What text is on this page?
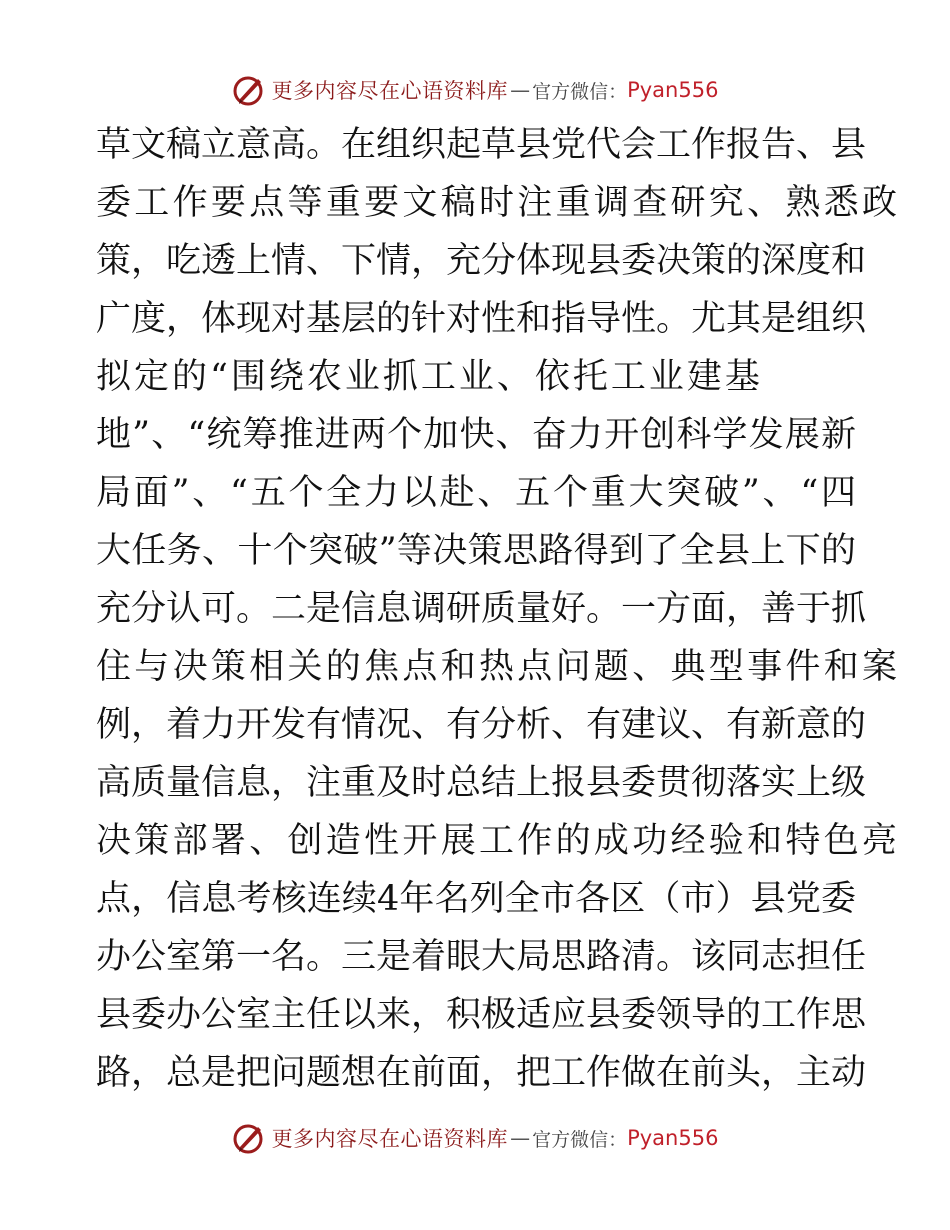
更多内容尽在心语资料库 — 官方微信： Pyan556
草文稿立意高。在组织起草县党代会工作报告、县
委工作要点等重要文稿时注重调查研究、熟悉政
策，吃透上情、下情，充分体现县委决策的深度和
广度，体现对基层的针对性和指导性。尤其是组织
拟定的“围绕农业抓工业、依托工业建基
地”、“统筹推进两个加快、奋力开创科学发展新
局面”、“五个全力以赴、五个重大突破”、“四
大任务、十个突破”等决策思路得到了全县上下的
充分认可。二是信息调研质量好。一方面，善于抓
住与决策相关的焦点和热点问题、典型事件和案
例，着力开发有情况、有分析、有建议、有新意的
高质量信息，注重及时总结上报县委贯彻落实上级
决策部署、创造性开展工作的成功经验和特色亮
点，信息考核连续4年名列全市各区（市）县党委
办公室第一名。三是着眼大局思路清。该同志担任
县委办公室主任以来，积极适应县委领导的工作思
路，总是把问题想在前面，把工作做在前头，主动
更多内容尽在心语资料库 — 官方微信： Pyan556
